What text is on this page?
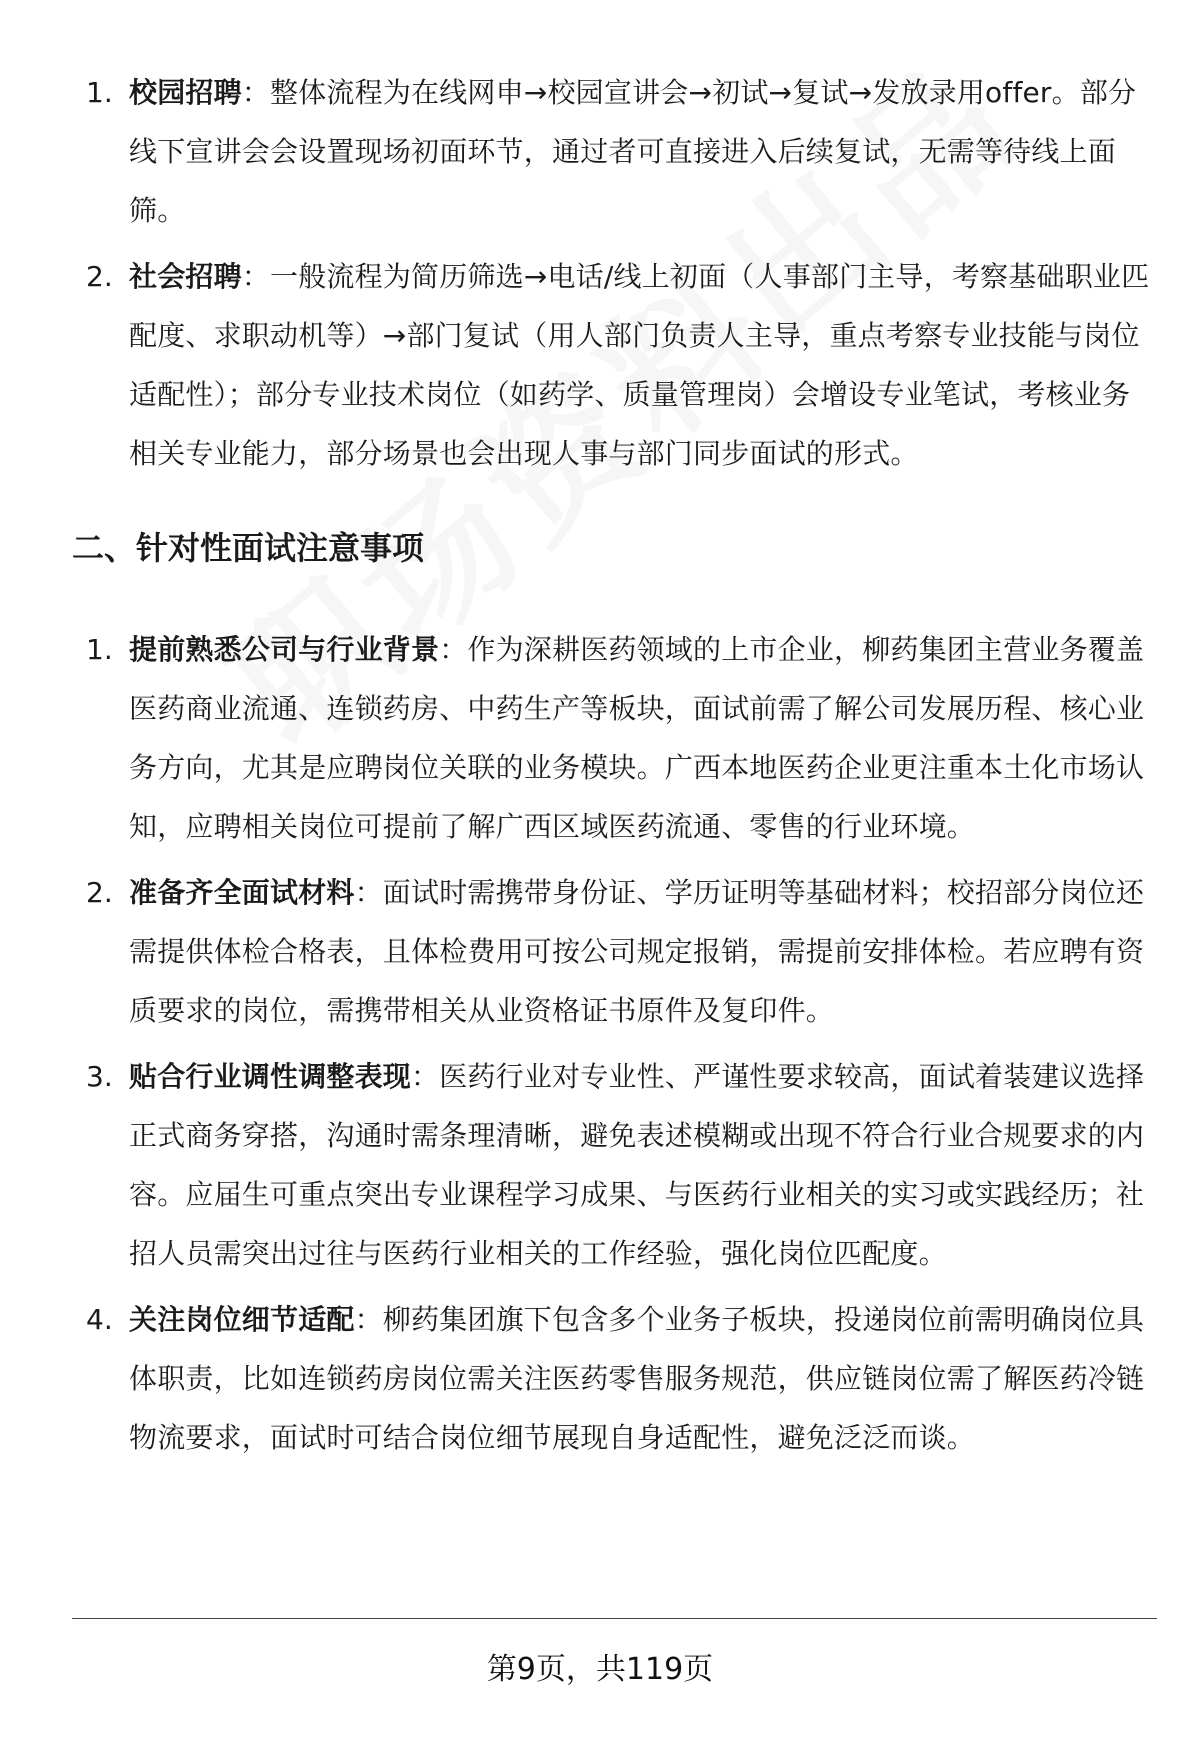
1. 校园招聘：整体流程为在线网申→校园宣讲会→初试→复试→发放录用offer。部分线下宣讲会会设置现场初面环节，通过者可直接进入后续复试，无需等待线上面筛。
2. 社会招聘：一般流程为简历筛选→电话/线上初面（人事部门主导，考察基础职业匹配度、求职动机等）→部门复试（用人部门负责人主导，重点考察专业技能与岗位适配性）；部分专业技术岗位（如药学、质量管理岗）会增设专业笔试，考核业务相关专业能力，部分场景也会出现人事与部门同步面试的形式。
二、针对性面试注意事项
1. 提前熟悉公司与行业背景：作为深耕医药领域的上市企业，柳药集团主营业务覆盖医药商业流通、连锁药房、中药生产等板块，面试前需了解公司发展历程、核心业务方向，尤其是应聘岗位关联的业务模块。广西本地医药企业更注重本土化市场认知，应聘相关岗位可提前了解广西区域医药流通、零售的行业环境。
2. 准备齐全面试材料：面试时需携带身份证、学历证明等基础材料；校招部分岗位还需提供体检合格表，且体检费用可按公司规定报销，需提前安排体检。若应聘有资质要求的岗位，需携带相关从业资格证书原件及复印件。
3. 贴合行业调性调整表现：医药行业对专业性、严谨性要求较高，面试着装建议选择正式商务穿搭，沟通时需条理清晰，避免表述模糊或出现不符合行业合规要求的内容。应届生可重点突出专业课程学习成果、与医药行业相关的实习或实践经历；社招人员需突出过往与医药行业相关的工作经验，强化岗位匹配度。
4. 关注岗位细节适配：柳药集团旗下包含多个业务子板块，投递岗位前需明确岗位具体职责，比如连锁药房岗位需关注医药零售服务规范，供应链岗位需了解医药冷链物流要求，面试时可结合岗位细节展现自身适配性，避免泛泛而谈。
第9页，共119页
